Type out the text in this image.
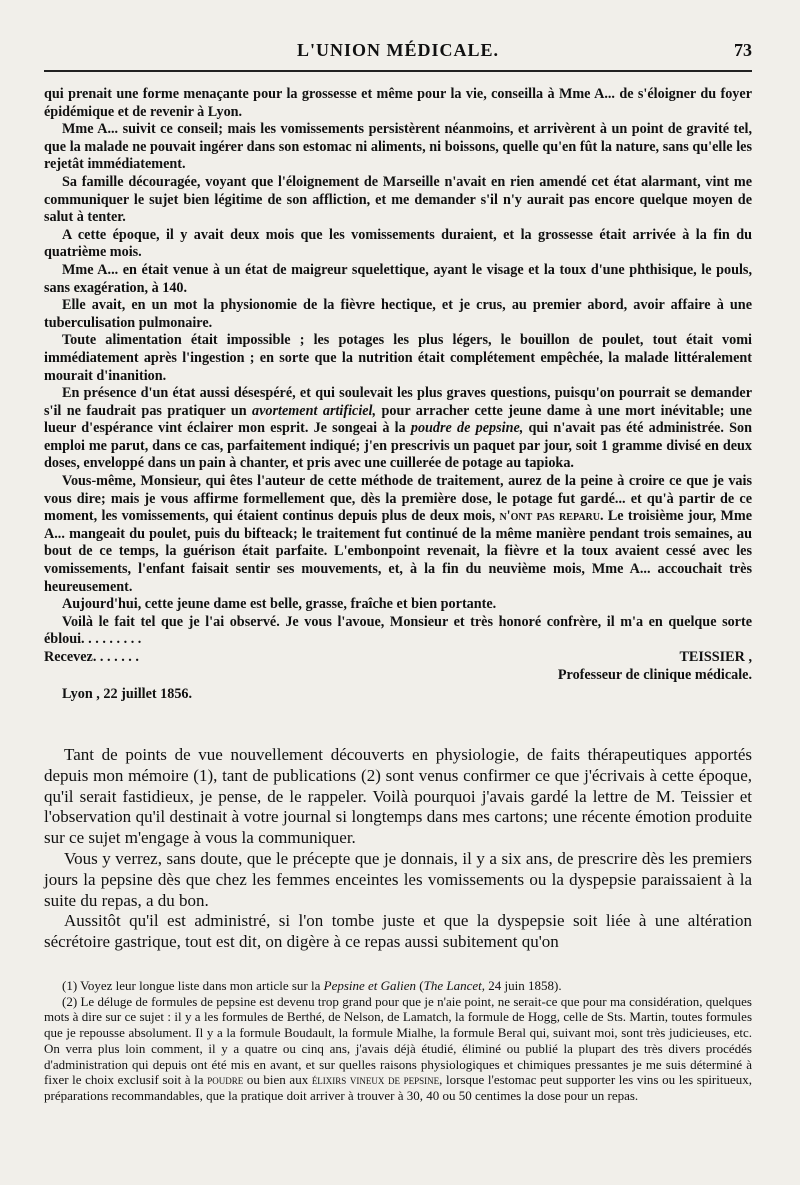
L'UNION MÉDICALE.	73

qui prenait une forme menaçante pour la grossesse et même pour la vie, conseilla à Mme A... de s'éloigner du foyer épidémique et de revenir à Lyon.

Mme A... suivit ce conseil; mais les vomissements persistèrent néanmoins, et arrivèrent à un point de gravité tel, que la malade ne pouvait ingérer dans son estomac ni aliments, ni boissons, quelle qu'en fût la nature, sans qu'elle les rejetât immédiatement.

Sa famille découragée, voyant que l'éloignement de Marseille n'avait en rien amendé cet état alarmant, vint me communiquer le sujet bien légitime de son affliction, et me demander s'il n'y aurait pas encore quelque moyen de salut à tenter.

A cette époque, il y avait deux mois que les vomissements duraient, et la grossesse était arrivée à la fin du quatrième mois.

Mme A... en était venue à un état de maigreur squelettique, ayant le visage et la toux d'une phthisique, le pouls, sans exagération, à 140.

Elle avait, en un mot la physionomie de la fièvre hectique, et je crus, au premier abord, avoir affaire à une tuberculisation pulmonaire.

Toute alimentation était impossible ; les potages les plus légers, le bouillon de poulet, tout était vomi immédiatement après l'ingestion ; en sorte que la nutrition était complétement empêchée, la malade littéralement mourait d'inanition.

En présence d'un état aussi désespéré, et qui soulevait les plus graves questions, puisqu'on pourrait se demander s'il ne faudrait pas pratiquer un avortement artificiel, pour arracher cette jeune dame à une mort inévitable; une lueur d'espérance vint éclairer mon esprit. Je songeai à la poudre de pepsine, qui n'avait pas été administrée. Son emploi me parut, dans ce cas, parfaitement indiqué; j'en prescrivis un paquet par jour, soit 1 gramme divisé en deux doses, enveloppé dans un pain à chanter, et pris avec une cuillerée de potage au tapioka.

Vous-même, Monsieur, qui êtes l'auteur de cette méthode de traitement, aurez de la peine à croire ce que je vais vous dire; mais je vous affirme formellement que, dès la première dose, le potage fut gardé... et qu'à partir de ce moment, les vomissements, qui étaient continus depuis plus de deux mois, n'ont pas reparu. Le troisième jour, Mme A... mangeait du poulet, puis du bifteack; le traitement fut continué de la même manière pendant trois semaines, au bout de ce temps, la guérison était parfaite. L'embonpoint revenait, la fièvre et la toux avaient cessé avec les vomissements, l'enfant faisait sentir ses mouvements, et, à la fin du neuvième mois, Mme A... accouchait très heureusement.

Aujourd'hui, cette jeune dame est belle, grasse, fraîche et bien portante.

Voilà le fait tel que je l'ai observé. Je vous l'avoue, Monsieur et très honoré confrère, il m'a en quelque sorte ébloui. . . . . . . . .

Recevez. . . . . . .	TEISSIER ,
Professeur de clinique médicale.
Lyon , 22 juillet 1856.

Tant de points de vue nouvellement découverts en physiologie, de faits thérapeutiques apportés depuis mon mémoire (1), tant de publications (2) sont venus confirmer ce que j'écrivais à cette époque, qu'il serait fastidieux, je pense, de le rappeler. Voilà pourquoi j'avais gardé la lettre de M. Teissier et l'observation qu'il destinait à votre journal si longtemps dans mes cartons; une récente émotion produite sur ce sujet m'engage à vous la communiquer.

Vous y verrez, sans doute, que le précepte que je donnais, il y a six ans, de prescrire dès les premiers jours la pepsine dès que chez les femmes enceintes les vomissements ou la dyspepsie paraissaient à la suite du repas, a du bon.

Aussitôt qu'il est administré, si l'on tombe juste et que la dyspepsie soit liée à une altération sécrétoire gastrique, tout est dit, on digère à ce repas aussi subitement qu'on

(1) Voyez leur longue liste dans mon article sur la Pepsine et Galien (The Lancet, 24 juin 1858).

(2) Le déluge de formules de pepsine est devenu trop grand pour que je n'aie point, ne serait-ce que pour ma considération, quelques mots à dire sur ce sujet : il y a les formules de Berthé, de Nelson, de Lamatch, la formule de Hogg, celle de Sts. Martin, toutes formules que je repousse absolument. Il y a la formule Boudault, la formule Mialhe, la formule Beral qui, suivant moi, sont très judicieuses, etc. On verra plus loin comment, il y a quatre ou cinq ans, j'avais déjà étudié, éliminé ou publié la plupart des très divers procédés d'administration qui depuis ont été mis en avant, et sur quelles raisons physiologiques et chimiques pressantes je me suis déterminé à fixer le choix exclusif soit à la poudre ou bien aux élixirs vineux de pepsine, lorsque l'estomac peut supporter les vins ou les spiritueux, préparations recommandables, que la pratique doit arriver à trouver à 30, 40 ou 50 centimes la dose pour un repas.
